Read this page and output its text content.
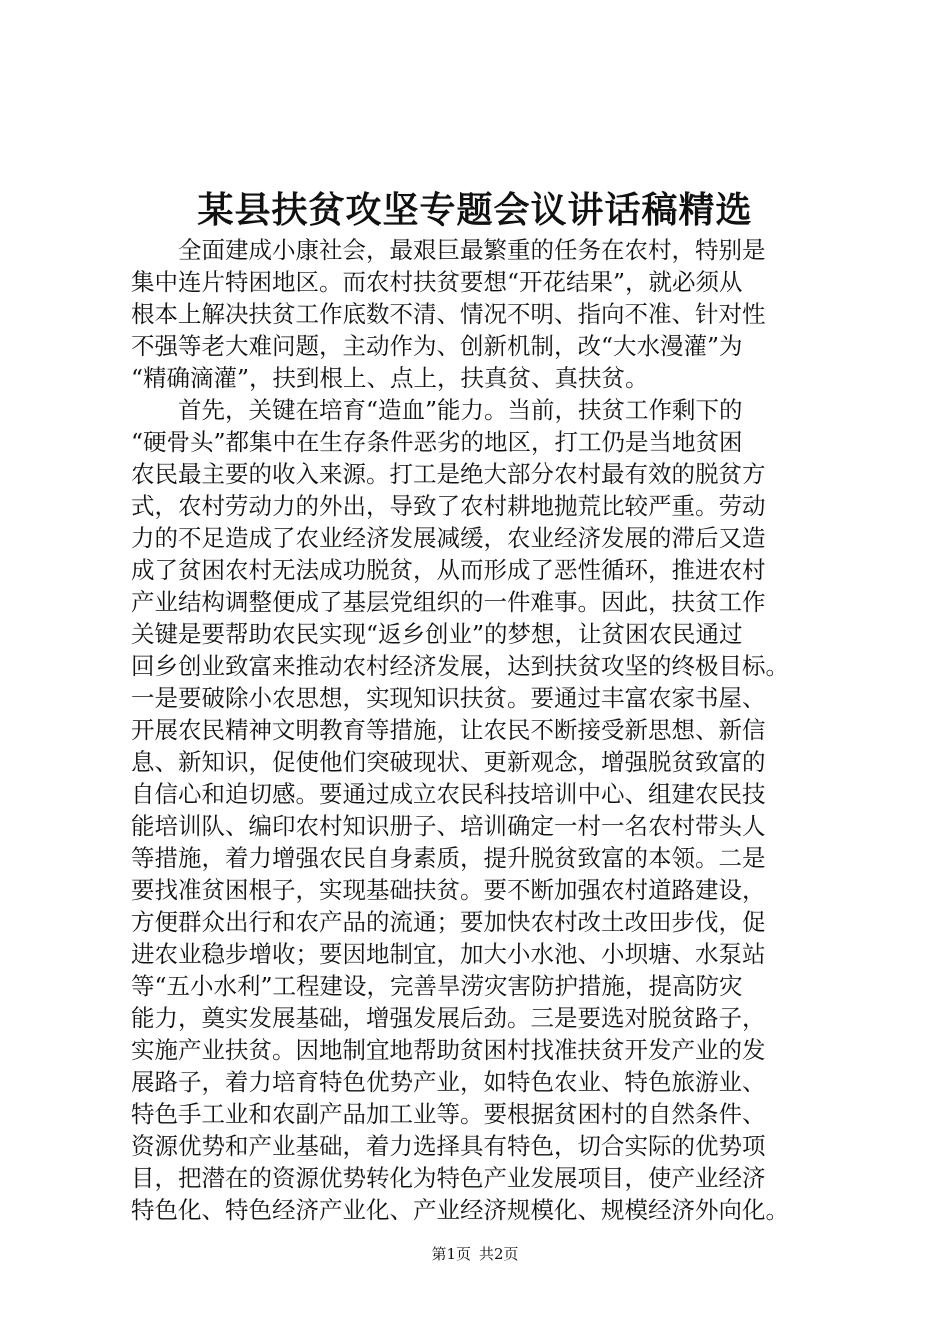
某县扶贫攻坚专题会议讲话稿精选
全面建成小康社会，最艰巨最繁重的任务在农村，特别是
集中连片特困地区。而农村扶贫要想“开花结果”，就必须从
根本上解决扶贫工作底数不清、情况不明、指向不准、针对性
不强等老大难问题，主动作为、创新机制，改“大水漫灌”为
“精确滴灌”，扶到根上、点上，扶真贫、真扶贫。
首先，关键在培育“造血”能力。当前，扶贫工作剩下的
“硬骨头”都集中在生存条件恶劣的地区，打工仍是当地贫困
农民最主要的收入来源。打工是绝大部分农村最有效的脱贫方
式，农村劳动力的外出，导致了农村耕地抛荒比较严重。劳动
力的不足造成了农业经济发展减缓，农业经济发展的滞后又造
成了贫困农村无法成功脱贫，从而形成了恶性循环，推进农村
产业结构调整便成了基层党组织的一件难事。因此，扶贫工作
关键是要帮助农民实现“返乡创业”的梦想，让贫困农民通过
回乡创业致富来推动农村经济发展，达到扶贫攻坚的终极目标。
一是要破除小农思想，实现知识扶贫。要通过丰富农家书屋、
开展农民精神文明教育等措施，让农民不断接受新思想、新信
息、新知识，促使他们突破现状、更新观念，增强脱贫致富的
自信心和迫切感。要通过成立农民科技培训中心、组建农民技
能培训队、编印农村知识册子、培训确定一村一名农村带头人
等措施，着力增强农民自身素质，提升脱贫致富的本领。二是
要找准贫困根子，实现基础扶贫。要不断加强农村道路建设，
方便群众出行和农产品的流通；要加快农村改土改田步伐，促
进农业稳步增收；要因地制宜，加大小水池、小坝塘、水泵站
等“五小水利”工程建设，完善旱涝灾害防护措施，提高防灾
能力，奠实发展基础，增强发展后劲。三是要选对脱贫路子，
实施产业扶贫。因地制宜地帮助贫困村找准扶贫开发产业的发
展路子，着力培育特色优势产业，如特色农业、特色旅游业、
特色手工业和农副产品加工业等。要根据贫困村的自然条件、
资源优势和产业基础，着力选择具有特色，切合实际的优势项
目，把潜在的资源优势转化为特色产业发展项目，使产业经济
特色化、特色经济产业化、产业经济规模化、规模经济外向化。
第1页 共2页
